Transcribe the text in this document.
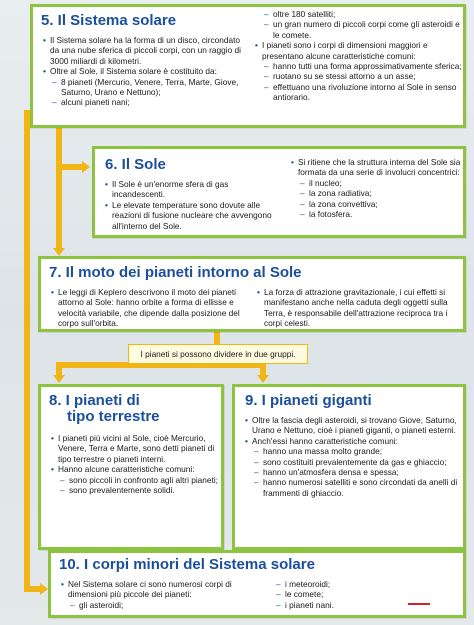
5. Il Sistema solare
• Il Sistema solare ha la forma di un disco, circondato da una nube sferica di piccoli corpi, con un raggio di 3000 miliardi di kilometri.
• Oltre al Sole, il Sistema solare è costituito da:
– 8 pianeti (Mercurio, Venere, Terra, Marte, Giove, Saturno, Urano e Nettuno);
– alcuni pianeti nani;
– oltre 180 satelliti;
– un gran numero di piccoli corpi come gli asteroidi e le comete.
• I pianeti sono i corpi di dimensioni maggiori e presentano alcune caratteristiche comuni:
– hanno tutti una forma approssimativamente sferica;
– ruotano su se stessi attorno a un asse;
– effettuano una rivoluzione intorno al Sole in senso antiorario.
6. Il Sole
• Il Sole è un'enorme sfera di gas incandescenti.
• Le elevate temperature sono dovute alle reazioni di fusione nucleare che avvengono all'interno del Sole.
• Si ritiene che la struttura interna del Sole sia formata da una serie di involucri concentrici:
– il nucleo;
– la zona radiativa;
– la zona convettiva;
– la fotosfera.
7. Il moto dei pianeti intorno al Sole
• Le leggi di Keplero descrivono il moto dei pianeti attorno al Sole: hanno orbite a forma di ellisse e velocità variabile, che dipende dalla posizione del corpo sull'orbita.
• La forza di attrazione gravitazionale, i cui effetti si manifestano anche nella caduta degli oggetti sulla Terra, è responsabile dell'attrazione reciproca tra i corpi celesti.
I pianeti si possono dividere in due gruppi.
8. I pianeti di
tipo terrestre
• I pianeti più vicini al Sole, cioè Mercurio, Venere, Terra e Marte, sono detti pianeti di tipo terrestre o pianeti interni.
• Hanno alcune caratteristiche comuni:
– sono piccoli in confronto agli altri pianeti;
– sono prevalentemente solidi.
9. I pianeti giganti
• Oltre la fascia degli asteroidi, si trovano Giove, Saturno, Urano e Nettuno, cioè i pianeti giganti, o pianeti esterni.
• Anch'essi hanno caratteristiche comuni:
– hanno una massa molto grande;
– sono costituiti prevalentemente da gas e ghiaccio;
– hanno un'atmosfera densa e spessa;
– hanno numerosi satelliti e sono circondati da anelli di frammenti di ghiaccio.
10. I corpi minori del Sistema solare
• Nel Sistema solare ci sono numerosi corpi di dimensioni più piccole dei pianeti:
– gli asteroidi;
– i meteoroidi;
– le comete;
– i pianeti nani.
